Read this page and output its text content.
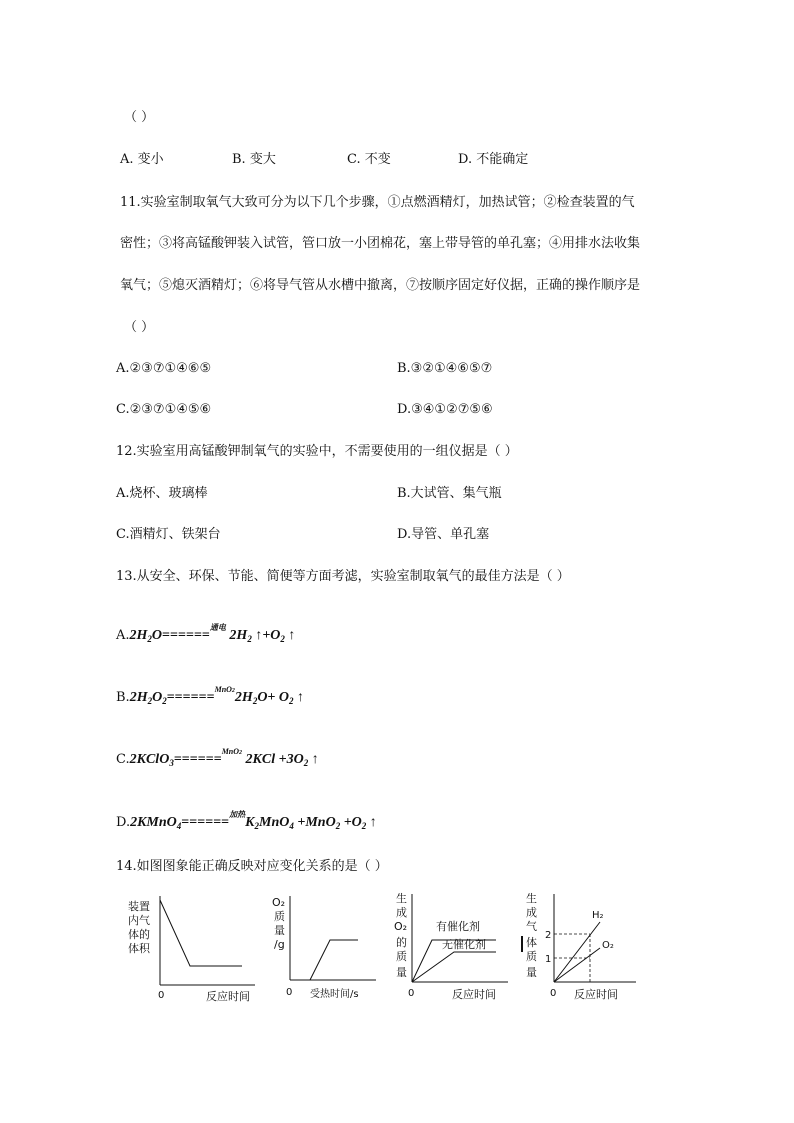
（ ）
A. 变小	B. 变大	C. 不变	D. 不能确定
11.实验室制取氧气大致可分为以下几个步骤，①点燃酒精灯，加热试管；②检查装置的气
密性；③将高锰酸钾装入试管，管口放一小团棉花，塞上带导管的单孔塞；④用排水法收集
氧气；⑤熄灭酒精灯；⑥将导气管从水槽中撤离，⑦按顺序固定好仪据，正确的操作顺序是
（ ）
A.②③⑦①④⑥⑤	B.③②①④⑥⑤⑦
C.②③⑦①④⑤⑥	D.③④①②⑦⑤⑥
12.实验室用高锰酸钾制氧气的实验中，不需要使用的一组仪据是（ ）
A.烧杯、玻璃棒	B.大试管、集气瓶
C.酒精灯、铁架台	D.导管、单孔塞
13.从安全、环保、节能、简便等方面考滤，实验室制取氧气的最佳方法是（ ）
$A.2H_2O======^{通电}$ $2H_2$ $↑+O_2$ ↑
$B.2H_2O_2======^{MnO2}2H_2O+ O_2$ ↑
C.2KClO$_3$======$^{MnO2}$ $2KCl +3O_2$ ↑
$D.2KMnO_4======^{加热}K_2MnO_4 +MnO_2 +O_2$ ↑
14.如图图象能正确反映对应变化关系的是（ ）
装置
内气
体的
体积
0	反应时间
O₂
质
量
/g
0 受热时间/s
生
成
O₂
的
质
量
有催化剂
无催化剂
0	反应时间
生
成
气
体
质
量
2
1
H₂
O₂
0 反应时间
